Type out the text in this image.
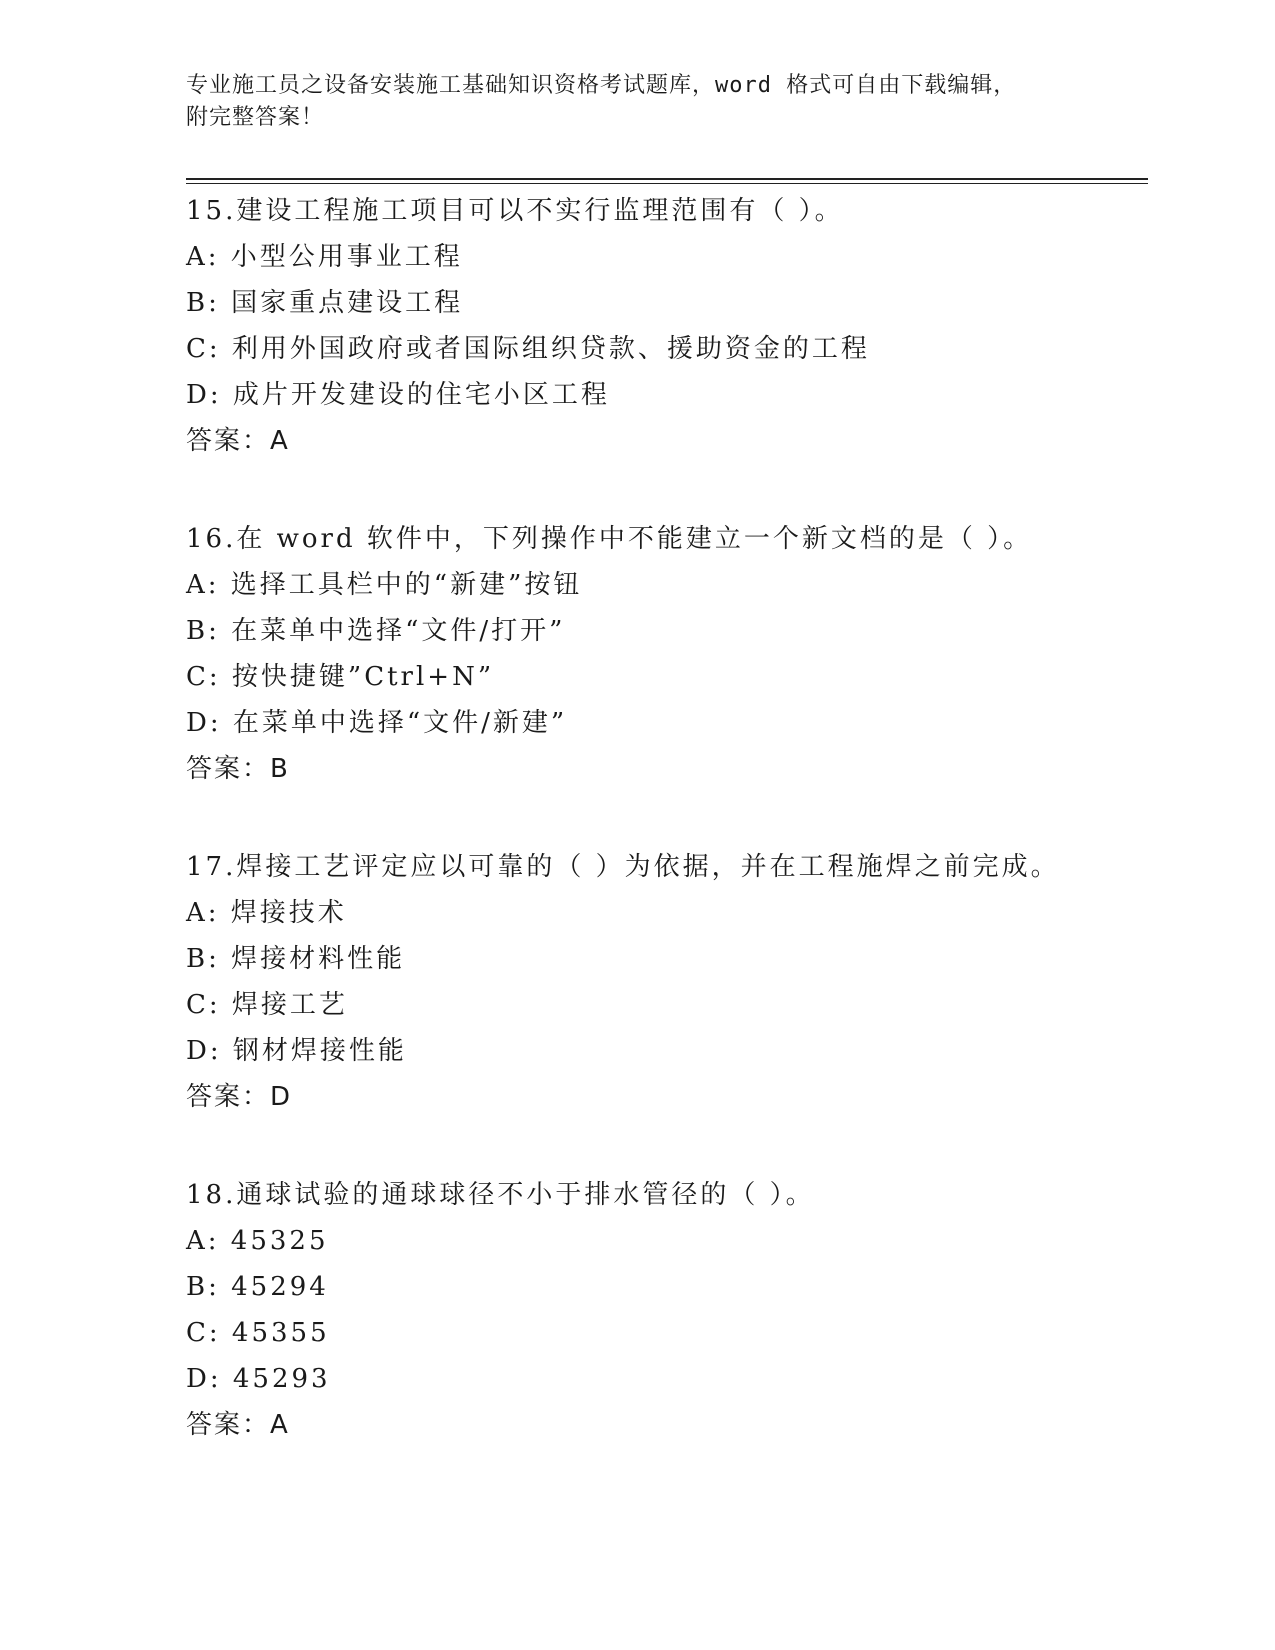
专业施工员之设备安装施工基础知识资格考试题库，word 格式可自由下载编辑，
附完整答案！
15.建设工程施工项目可以不实行监理范围有（ ）。
A: 小型公用事业工程
B: 国家重点建设工程
C: 利用外国政府或者国际组织贷款、援助资金的工程
D: 成片开发建设的住宅小区工程
答案：A
16.在 word 软件中，下列操作中不能建立一个新文档的是（ ）。
A: 选择工具栏中的“新建”按钮
B: 在菜单中选择“文件/打开”
C: 按快捷键”Ctrl+N”
D: 在菜单中选择“文件/新建”
答案：B
17.焊接工艺评定应以可靠的（ ）为依据，并在工程施焊之前完成。
A: 焊接技术
B: 焊接材料性能
C: 焊接工艺
D: 钢材焊接性能
答案：D
18.通球试验的通球球径不小于排水管径的（ ）。
A: 45325
B: 45294
C: 45355
D: 45293
答案：A
